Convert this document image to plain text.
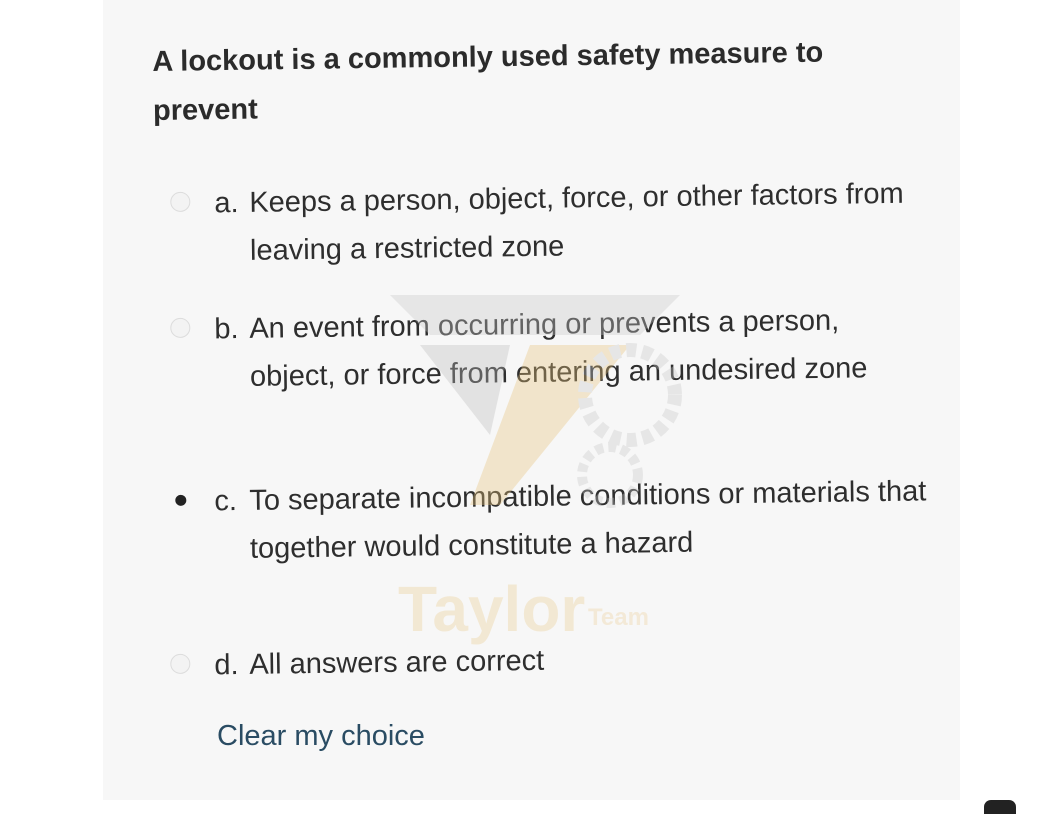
A lockout is a commonly used safety measure to
prevent
a. Keeps a person, object, force, or other factors from leaving a restricted zone
b. An event from occurring or prevents a person, object, or force from entering an undesired zone
c. To separate incompatible conditions or materials that together would constitute a hazard
d. All answers are correct
Clear my choice
Taylor Team
